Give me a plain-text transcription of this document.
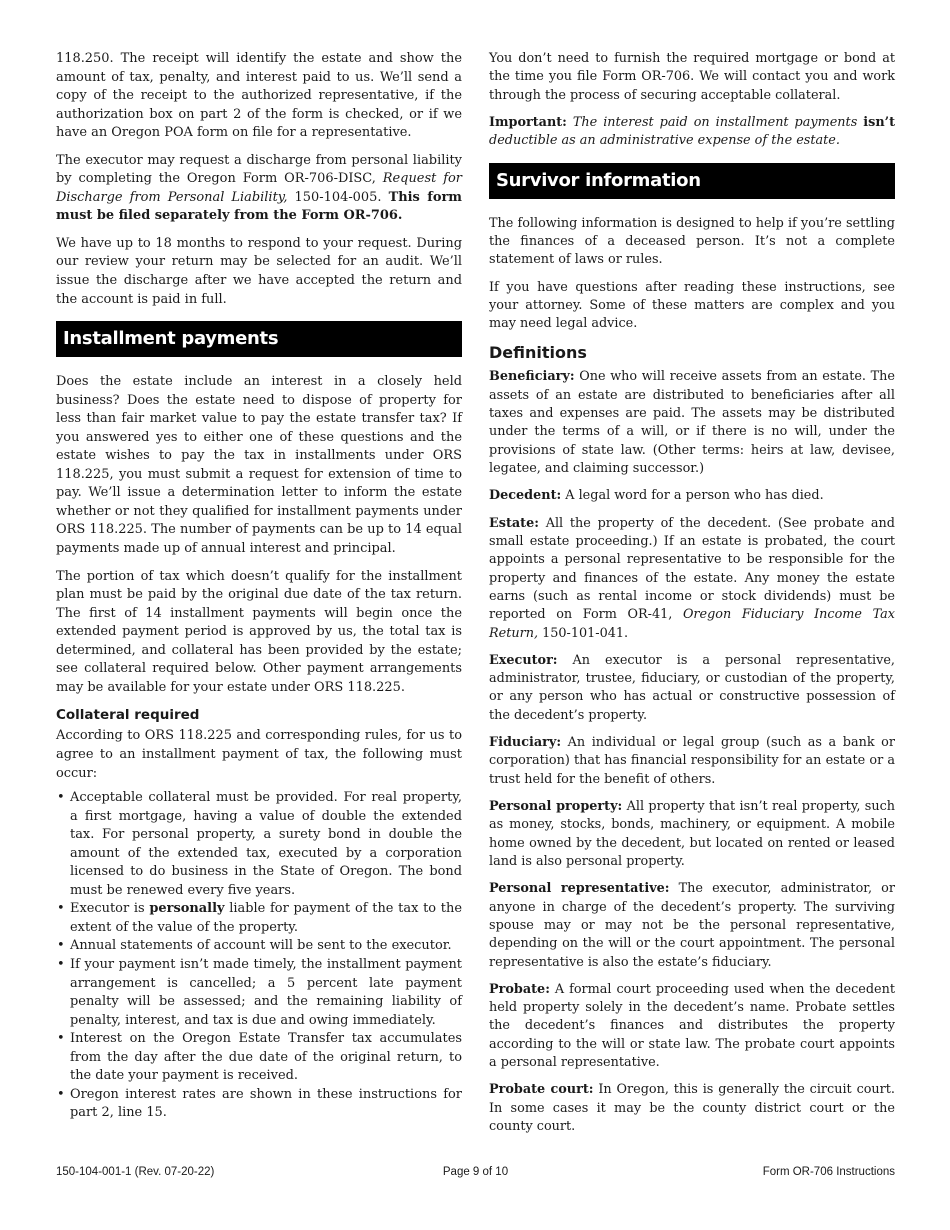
118.250. The receipt will identify the estate and show the amount of tax, penalty, and interest paid to us. We’ll send a copy of the receipt to the authorized representative, if the authorization box on part 2 of the form is checked, or if we have an Oregon POA form on file for a representative.

The executor may request a discharge from personal liability by completing the Oregon Form OR-706-DISC, Request for Discharge from Personal Liability, 150-104-005. This form must be filed separately from the Form OR-706.

We have up to 18 months to respond to your request. During our review your return may be selected for an audit. We’ll issue the discharge after we have accepted the return and the account is paid in full.

Installment payments

Does the estate include an interest in a closely held business? Does the estate need to dispose of property for less than fair market value to pay the estate transfer tax? If you answered yes to either one of these questions and the estate wishes to pay the tax in installments under ORS 118.225, you must submit a request for extension of time to pay. We’ll issue a determination letter to inform the estate whether or not they qualified for installment payments under ORS 118.225. The number of payments can be up to 14 equal payments made up of annual interest and principal.

The portion of tax which doesn’t qualify for the installment plan must be paid by the original due date of the tax return. The first of 14 installment payments will begin once the extended payment period is approved by us, the total tax is determined, and collateral has been provided by the estate; see collateral required below. Other payment arrangements may be available for your estate under ORS 118.225.

Collateral required

According to ORS 118.225 and corresponding rules, for us to agree to an installment payment of tax, the following must occur:

• Acceptable collateral must be provided. For real property, a first mortgage, having a value of double the extended tax. For personal property, a surety bond in double the amount of the extended tax, executed by a corporation licensed to do business in the State of Oregon. The bond must be renewed every five years.
• Executor is personally liable for payment of the tax to the extent of the value of the property.
• Annual statements of account will be sent to the executor.
• If your payment isn’t made timely, the installment payment arrangement is cancelled; a 5 percent late payment penalty will be assessed; and the remaining liability of penalty, interest, and tax is due and owing immediately.
• Interest on the Oregon Estate Transfer tax accumulates from the day after the due date of the original return, to the date your payment is received.
• Oregon interest rates are shown in these instructions for part 2, line 15.

You don’t need to furnish the required mortgage or bond at the time you file Form OR-706. We will contact you and work through the process of securing acceptable collateral.

Important: The interest paid on installment payments isn’t deductible as an administrative expense of the estate.

Survivor information

The following information is designed to help if you’re settling the finances of a deceased person. It’s not a complete statement of laws or rules.

If you have questions after reading these instructions, see your attorney. Some of these matters are complex and you may need legal advice.

Definitions

Beneficiary: One who will receive assets from an estate. The assets of an estate are distributed to beneficiaries after all taxes and expenses are paid. The assets may be distributed under the terms of a will, or if there is no will, under the provisions of state law. (Other terms: heirs at law, devisee, legatee, and claiming successor.)

Decedent: A legal word for a person who has died.

Estate: All the property of the decedent. (See probate and small estate proceeding.) If an estate is probated, the court appoints a personal representative to be responsible for the property and finances of the estate. Any money the estate earns (such as rental income or stock dividends) must be reported on Form OR-41, Oregon Fiduciary Income Tax Return, 150-101-041.

Executor: An executor is a personal representative, administrator, trustee, fiduciary, or custodian of the property, or any person who has actual or constructive possession of the decedent’s property.

Fiduciary: An individual or legal group (such as a bank or corporation) that has financial responsibility for an estate or a trust held for the benefit of others.

Personal property: All property that isn’t real property, such as money, stocks, bonds, machinery, or equipment. A mobile home owned by the decedent, but located on rented or leased land is also personal property.

Personal representative: The executor, administrator, or anyone in charge of the decedent’s property. The surviving spouse may or may not be the personal representative, depending on the will or the court appointment. The personal representative is also the estate’s fiduciary.

Probate: A formal court proceeding used when the decedent held property solely in the decedent’s name. Probate settles the decedent’s finances and distributes the property according to the will or state law. The probate court appoints a personal representative.

Probate court: In Oregon, this is generally the circuit court. In some cases it may be the county district court or the county court.

150-104-001-1 (Rev. 07-20-22)	Page 9 of 10	Form OR-706 Instructions
